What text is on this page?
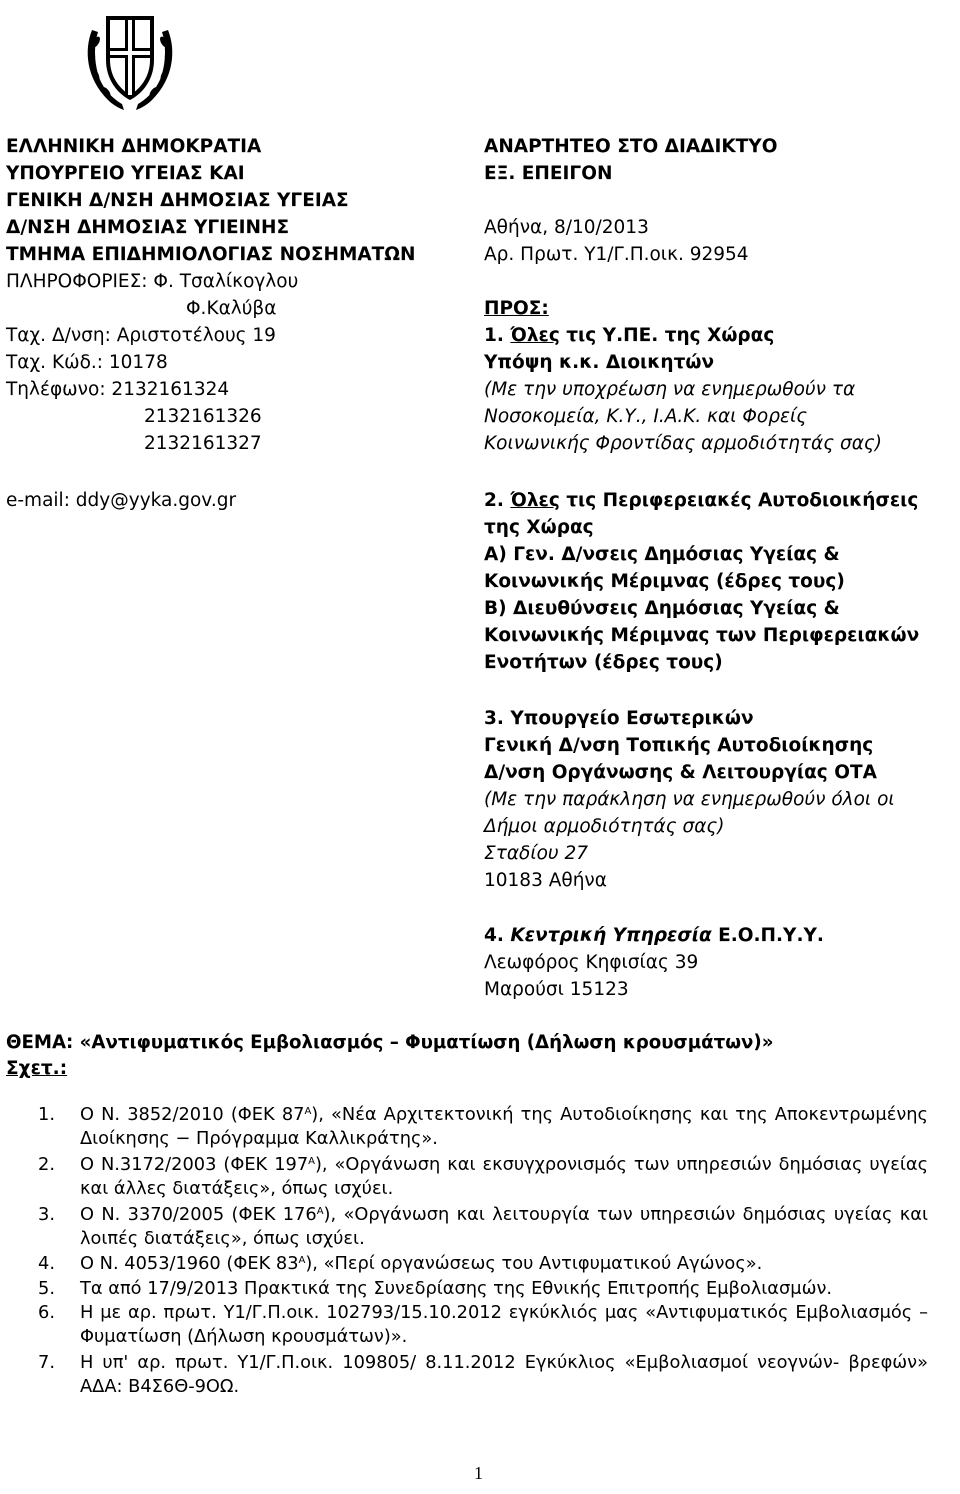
ΕΛΛΗΝΙΚΗ ΔΗΜΟΚΡΑΤΙΑ
ΥΠΟΥΡΓΕΙΟ ΥΓΕΙΑΣ ΚΑΙ
ΓΕΝΙΚΗ Δ/ΝΣΗ ΔΗΜΟΣΙΑΣ ΥΓΕΙΑΣ
Δ/ΝΣΗ ΔΗΜΟΣΙΑΣ ΥΓΙΕΙΝΗΣ
ΤΜΗΜΑ ΕΠΙΔΗΜΙΟΛΟΓΙΑΣ ΝΟΣΗΜΑΤΩΝ
ΠΛΗΡΟΦΟΡΙΕΣ: Φ. Τσαλίκογλου
Φ.Καλύβα
Ταχ. Δ/νση: Αριστοτέλους 19
Ταχ. Κώδ.: 10178
Τηλέφωνο: 2132161324
2132161326
2132161327
e-mail: ddy@yyka.gov.gr
ΑΝΑΡΤΗΤΕΟ ΣΤΟ ΔΙΑΔΙΚΤΥΟ
ΕΞ. ΕΠΕΙΓΟΝ
Αθήνα, 8/10/2013
Αρ. Πρωτ. Υ1/Γ.Π.οικ. 92954
ΠΡΟΣ:
1. Όλες τις Υ.ΠΕ. της Χώρας
Υπόψη κ.κ. Διοικητών
(Με την υποχρέωση να ενημερωθούν τα
Νοσοκομεία, Κ.Υ., Ι.Α.Κ. και Φορείς
Κοινωνικής Φροντίδας αρμοδιότητάς σας)
2. Όλες τις Περιφερειακές Αυτοδιοικήσεις
της Χώρας
Α) Γεν. Δ/νσεις Δημόσιας Υγείας &
Κοινωνικής Μέριμνας (έδρες τους)
Β) Διευθύνσεις Δημόσιας Υγείας &
Κοινωνικής Μέριμνας των Περιφερειακών
Ενοτήτων (έδρες τους)
3. Υπουργείο Εσωτερικών
Γενική Δ/νση Τοπικής Αυτοδιοίκησης
Δ/νση Οργάνωσης & Λειτουργίας ΟΤΑ
(Με την παράκληση να ενημερωθούν όλοι οι
Δήμοι αρμοδιότητάς σας)
Σταδίου 27
10183 Αθήνα
4. Κεντρική Υπηρεσία Ε.Ο.Π.Υ.Υ.
Λεωφόρος Κηφισίας 39
Μαρούσι 15123
ΘΕΜΑ: «Αντιφυματικός Εμβολιασμός – Φυματίωση (Δήλωση κρουσμάτων)»
Σχετ.:
1. Ο Ν. 3852/2010 (ΦΕΚ $87^A$), «Νέα Αρχιτεκτονική της Αυτοδιοίκησης και της Αποκεντρωμένης Διοίκησης − Πρόγραμμα Καλλικράτης».
2. Ο Ν.3172/2003 (ΦΕΚ $197^A$), «Οργάνωση και εκσυγχρονισμός των υπηρεσιών δημόσιας υγείας και άλλες διατάξεις», όπως ισχύει.
3. Ο Ν. 3370/2005 (ΦΕΚ $176^A$), «Οργάνωση και λειτουργία των υπηρεσιών δημόσιας υγείας και λοιπές διατάξεις», όπως ισχύει.
4. Ο Ν. 4053/1960 (ΦΕΚ $83^A$), «Περί οργανώσεως του Αντιφυματικού Αγώνος».
5. Τα από 17/9/2013 Πρακτικά της Συνεδρίασης της Εθνικής Επιτροπής Εμβολιασμών.
6. Η με αρ. πρωτ. Υ1/Γ.Π.οικ. 102793/15.10.2012 εγκύκλιός μας «Αντιφυματικός Εμβολιασμός – Φυματίωση (Δήλωση κρουσμάτων)».
7. Η υπ' αρ. πρωτ. Υ1/Γ.Π.οικ. 109805/ 8.11.2012 Εγκύκλιος «Εμβολιασμοί νεογνών- βρεφών» ΑΔΑ: Β4Σ6Θ-9ΟΩ.
1
